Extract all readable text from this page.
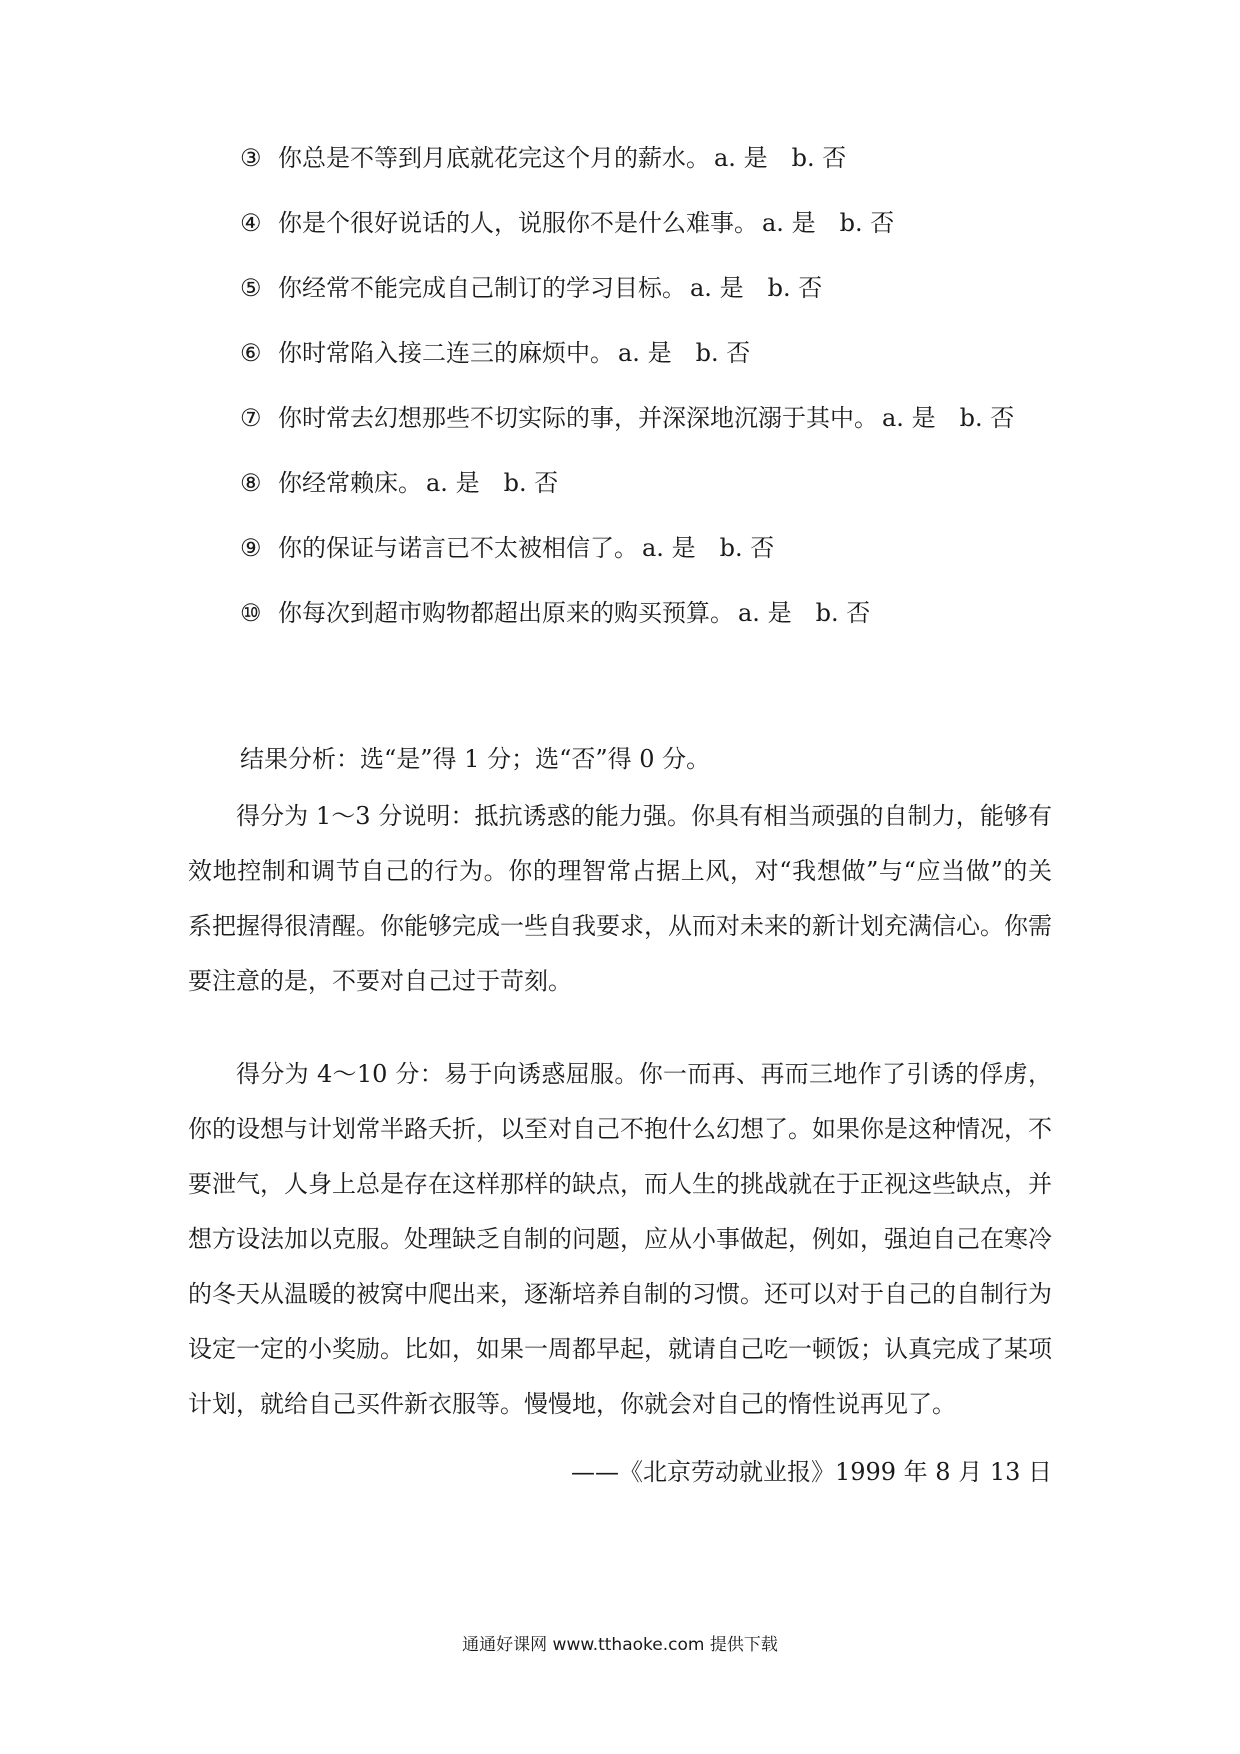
③ 你总是不等到月底就花完这个月的薪水。 a. 是 b. 否
④ 你是个很好说话的人，说服你不是什么难事。 a. 是 b. 否
⑤ 你经常不能完成自己制订的学习目标。 a. 是 b. 否
⑥ 你时常陷入接二连三的麻烦中。 a. 是 b. 否
⑦ 你时常去幻想那些不切实际的事，并深深地沉溺于其中。 a. 是 b. 否
⑧ 你经常赖床。 a. 是 b. 否
⑨ 你的保证与诺言已不太被相信了。 a. 是 b. 否
⑩ 你每次到超市购物都超出原来的购买预算。 a. 是 b. 否
结果分析：选“是”得 1 分；选“否”得 0 分。

得分为 1～3 分说明：抵抗诱惑的能力强。你具有相当顽强的自制力，能够有效地控制和调节自己的行为。你的理智常占据上风，对“我想做”与“应当做”的关系把握得很清醒。你能够完成一些自我要求，从而对未来的新计划充满信心。你需要注意的是，不要对自己过于苛刻。

得分为 4～10 分：易于向诱惑屈服。你一而再、再而三地作了引诱的俘虏，你的设想与计划常半路夭折，以至对自己不抱什么幻想了。如果你是这种情况，不要泄气，人身上总是存在这样那样的缺点，而人生的挑战就在于正视这些缺点，并想方设法加以克服。处理缺乏自制的问题，应从小事做起，例如，强迫自己在寒冷的冬天从温暖的被窝中爬出来，逐渐培养自制的习惯。还可以对于自己的自制行为设定一定的小奖励。比如，如果一周都早起，就请自己吃一顿饭；认真完成了某项计划，就给自己买件新衣服等。慢慢地，你就会对自己的惰性说再见了。

——《北京劳动就业报》1999 年 8 月 13 日
通通好课网 www.tthaoke.com 提供下载
